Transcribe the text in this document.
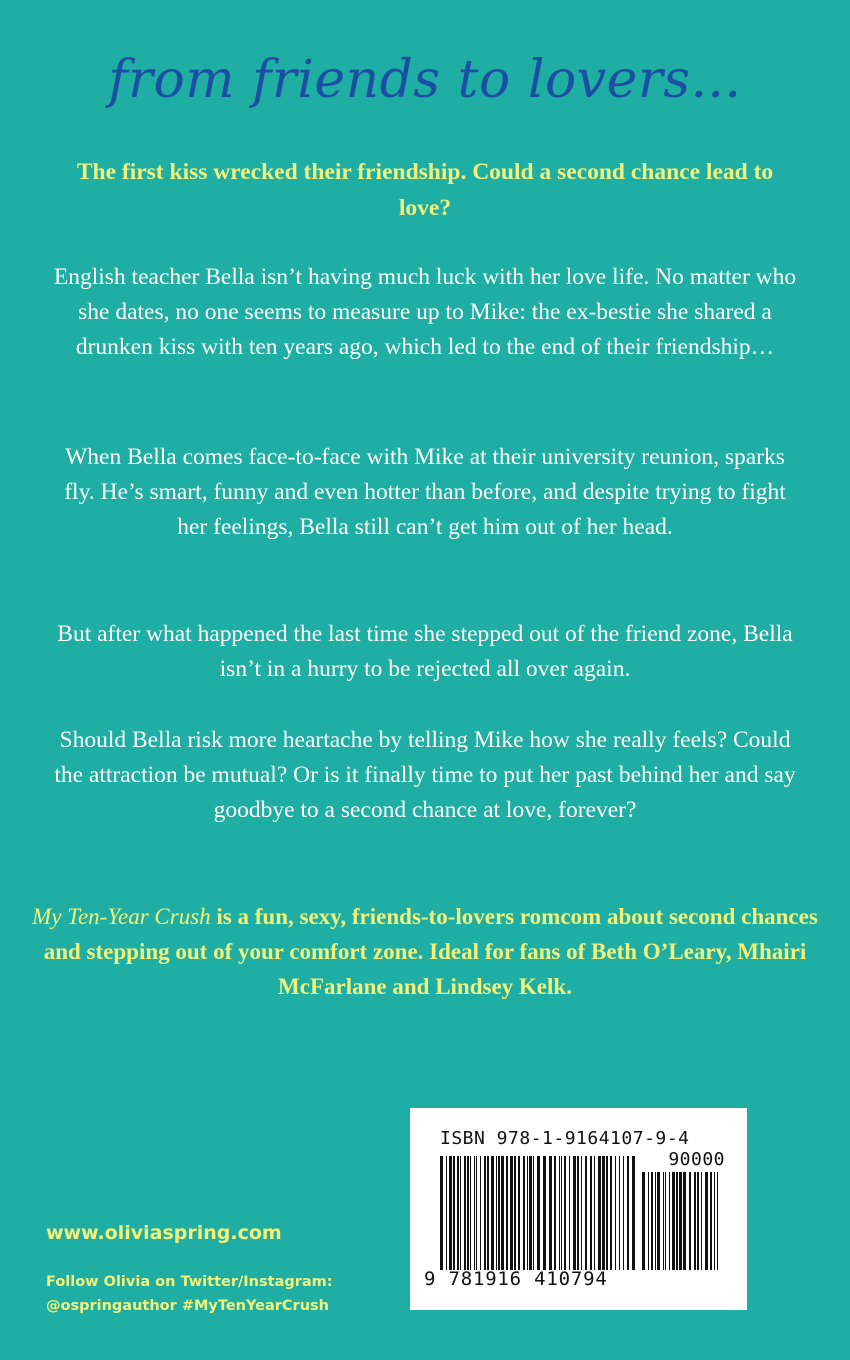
from friends to lovers...
The first kiss wrecked their friendship. Could a second chance lead to love?
English teacher Bella isn’t having much luck with her love life. No matter who she dates, no one seems to measure up to Mike: the ex-bestie she shared a drunken kiss with ten years ago, which led to the end of their friendship…
When Bella comes face-to-face with Mike at their university reunion, sparks fly. He’s smart, funny and even hotter than before, and despite trying to fight her feelings, Bella still can’t get him out of her head.
But after what happened the last time she stepped out of the friend zone, Bella isn’t in a hurry to be rejected all over again.
Should Bella risk more heartache by telling Mike how she really feels? Could the attraction be mutual? Or is it finally time to put her past behind her and say goodbye to a second chance at love, forever?
My Ten-Year Crush is a fun, sexy, friends-to-lovers romcom about second chances and stepping out of your comfort zone. Ideal for fans of Beth O’Leary, Mhairi McFarlane and Lindsey Kelk.
www.oliviaspring.com
Follow Olivia on Twitter/Instagram:
@ospringauthor #MyTenYearCrush
ISBN 978-1-9164107-9-4
90000
9 781916 410794
